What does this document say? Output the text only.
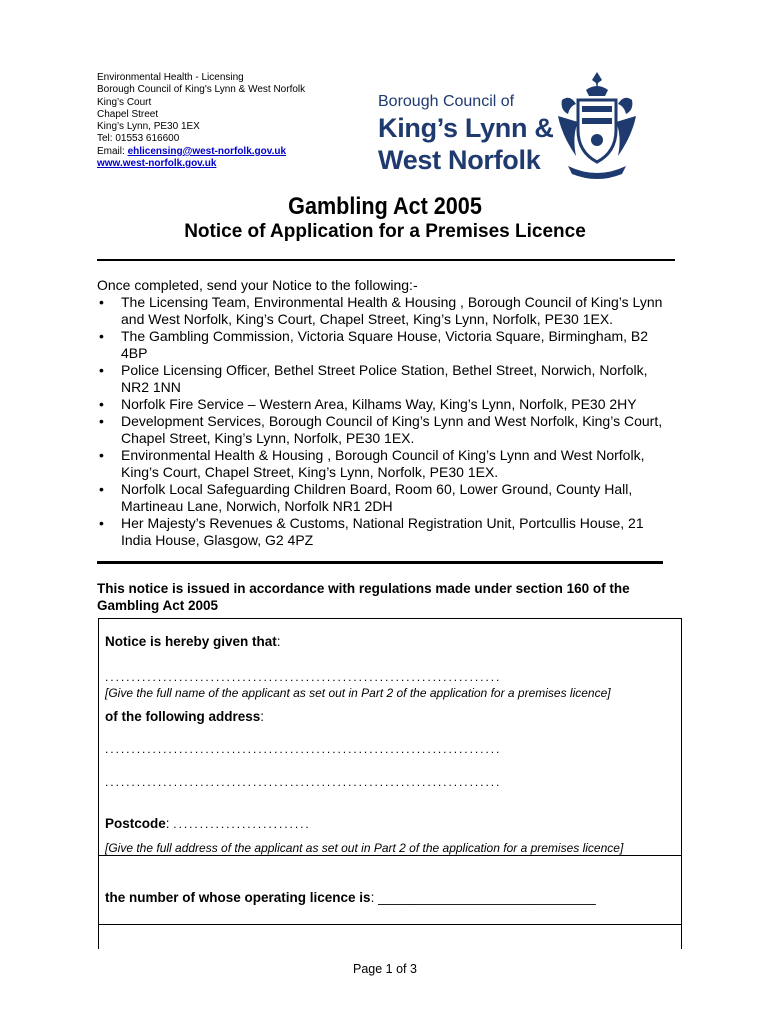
Environmental Health - Licensing
Borough Council of King's Lynn & West Norfolk
King’s Court
Chapel Street
King’s Lynn, PE30 1EX
Tel: 01553 616600
Email: ehlicensing@west-norfolk.gov.uk
www.west-norfolk.gov.uk
Borough Council of
King’s Lynn &
West Norfolk
Gambling Act 2005
Notice of Application for a Premises Licence
Once completed, send your Notice to the following:-
• The Licensing Team, Environmental Health & Housing , Borough Council of King’s Lynn and West Norfolk, King’s Court, Chapel Street, King’s Lynn, Norfolk, PE30 1EX.
• The Gambling Commission, Victoria Square House, Victoria Square, Birmingham, B2 4BP
• Police Licensing Officer, Bethel Street Police Station, Bethel Street, Norwich, Norfolk, NR2 1NN
• Norfolk Fire Service – Western Area, Kilhams Way, King’s Lynn, Norfolk, PE30 2HY
• Development Services, Borough Council of King’s Lynn and West Norfolk, King’s Court, Chapel Street, King’s Lynn, Norfolk, PE30 1EX.
• Environmental Health & Housing , Borough Council of King’s Lynn and West Norfolk, King’s Court, Chapel Street, King’s Lynn, Norfolk, PE30 1EX.
• Norfolk Local Safeguarding Children Board, Room 60, Lower Ground, County Hall, Martineau Lane, Norwich, Norfolk NR1 2DH
• Her Majesty’s Revenues & Customs, National Registration Unit, Portcullis House, 21 India House, Glasgow, G2 4PZ
This notice is issued in accordance with regulations made under section 160 of the Gambling Act 2005
Notice is hereby given that:
...........................................................................
[Give the full name of the applicant as set out in Part 2 of the application for a premises licence]
of the following address:
...........................................................................
...........................................................................
Postcode: ..........................
[Give the full address of the applicant as set out in Part 2 of the application for a premises licence]
the number of whose operating licence is: _____________________________
Page 1 of 3
